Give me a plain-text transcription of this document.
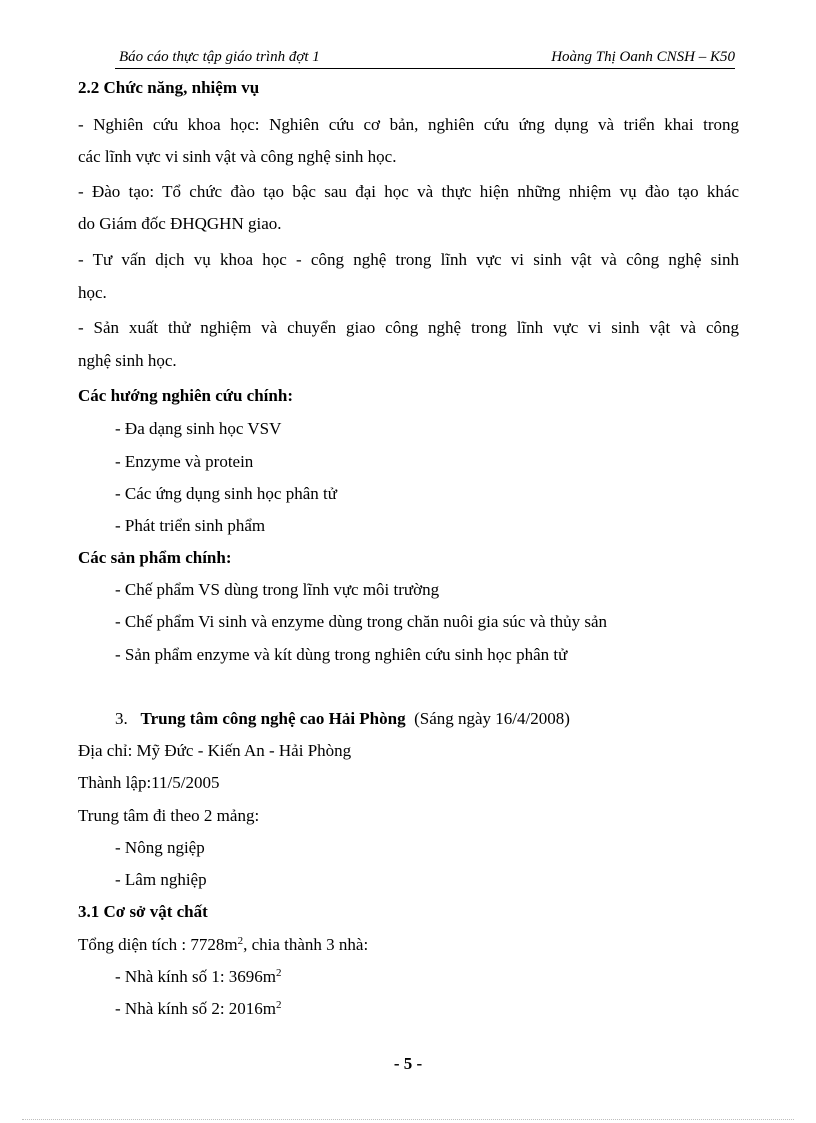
Báo cáo thực tập giáo trình đợt 1	Hoàng Thị Oanh CNSH – K50
2.2 Chức năng, nhiệm vụ
- Nghiên cứu khoa học: Nghiên cứu cơ bản, nghiên cứu ứng dụng và triển khai trong
các lĩnh vực vi sinh vật và công nghệ sinh học.
- Đào tạo: Tổ chức đào tạo bậc sau đại học và thực hiện những nhiệm vụ đào tạo khác
do Giám đốc ĐHQGHN giao.
- Tư vấn dịch vụ khoa học - công nghệ trong lĩnh vực vi sinh vật và công nghệ sinh
học.
- Sản xuất thử nghiệm và chuyển giao công nghệ trong lĩnh vực vi sinh vật và công
nghệ sinh học.
Các hướng nghiên cứu chính:
- Đa dạng sinh học VSV
- Enzyme và protein
- Các ứng dụng sinh học phân tử
- Phát triển sinh phẩm
Các sản phẩm chính:
- Chế phẩm VS dùng trong lĩnh vực môi trường
- Chế phẩm Vi sinh và enzyme dùng trong chăn nuôi gia súc và thủy sản
- Sản phẩm enzyme và kít dùng trong nghiên cứu sinh học phân tử
3. Trung tâm công nghệ cao Hải Phòng (Sáng ngày 16/4/2008)
Địa chỉ: Mỹ Đức - Kiến An - Hải Phòng
Thành lập:11/5/2005
Trung tâm đi theo 2 mảng:
- Nông ngiệp
- Lâm nghiệp
3.1 Cơ sở vật chất
Tổng diện tích : $7728m^2$, chia thành 3 nhà:
- Nhà kính số 1: $3696m^2$
- Nhà kính số 2: $2016m^2$
- 5 -
